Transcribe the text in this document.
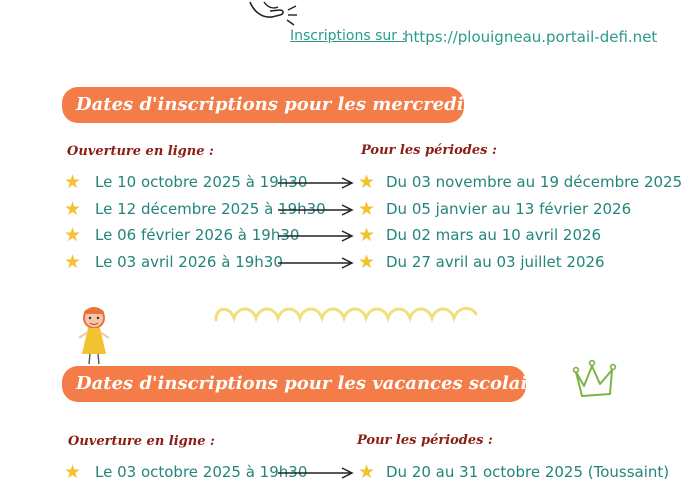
Inscriptions sur :
https://plouigneau.portail-defi.net
Dates d'inscriptions pour les mercredis :
Ouverture en ligne :	Pour les périodes :
★ Le 10 octobre 2025 à 19h30	★ Du 03 novembre au 19 décembre 2025
★ Le 12 décembre 2025 à 19h30 ★ Du 05 janvier au 13 février 2026
★ Le 06 février 2026 à 19h30	★ Du 02 mars au 10 avril 2026
★ Le 03 avril 2026 à 19h30	★ Du 27 avril au 03 juillet 2026
Dates d'inscriptions pour les vacances scolaires :
Ouverture en ligne :	Pour les périodes :
★ Le 03 octobre 2025 à 19h30	★ Du 20 au 31 octobre 2025 (Toussaint)
